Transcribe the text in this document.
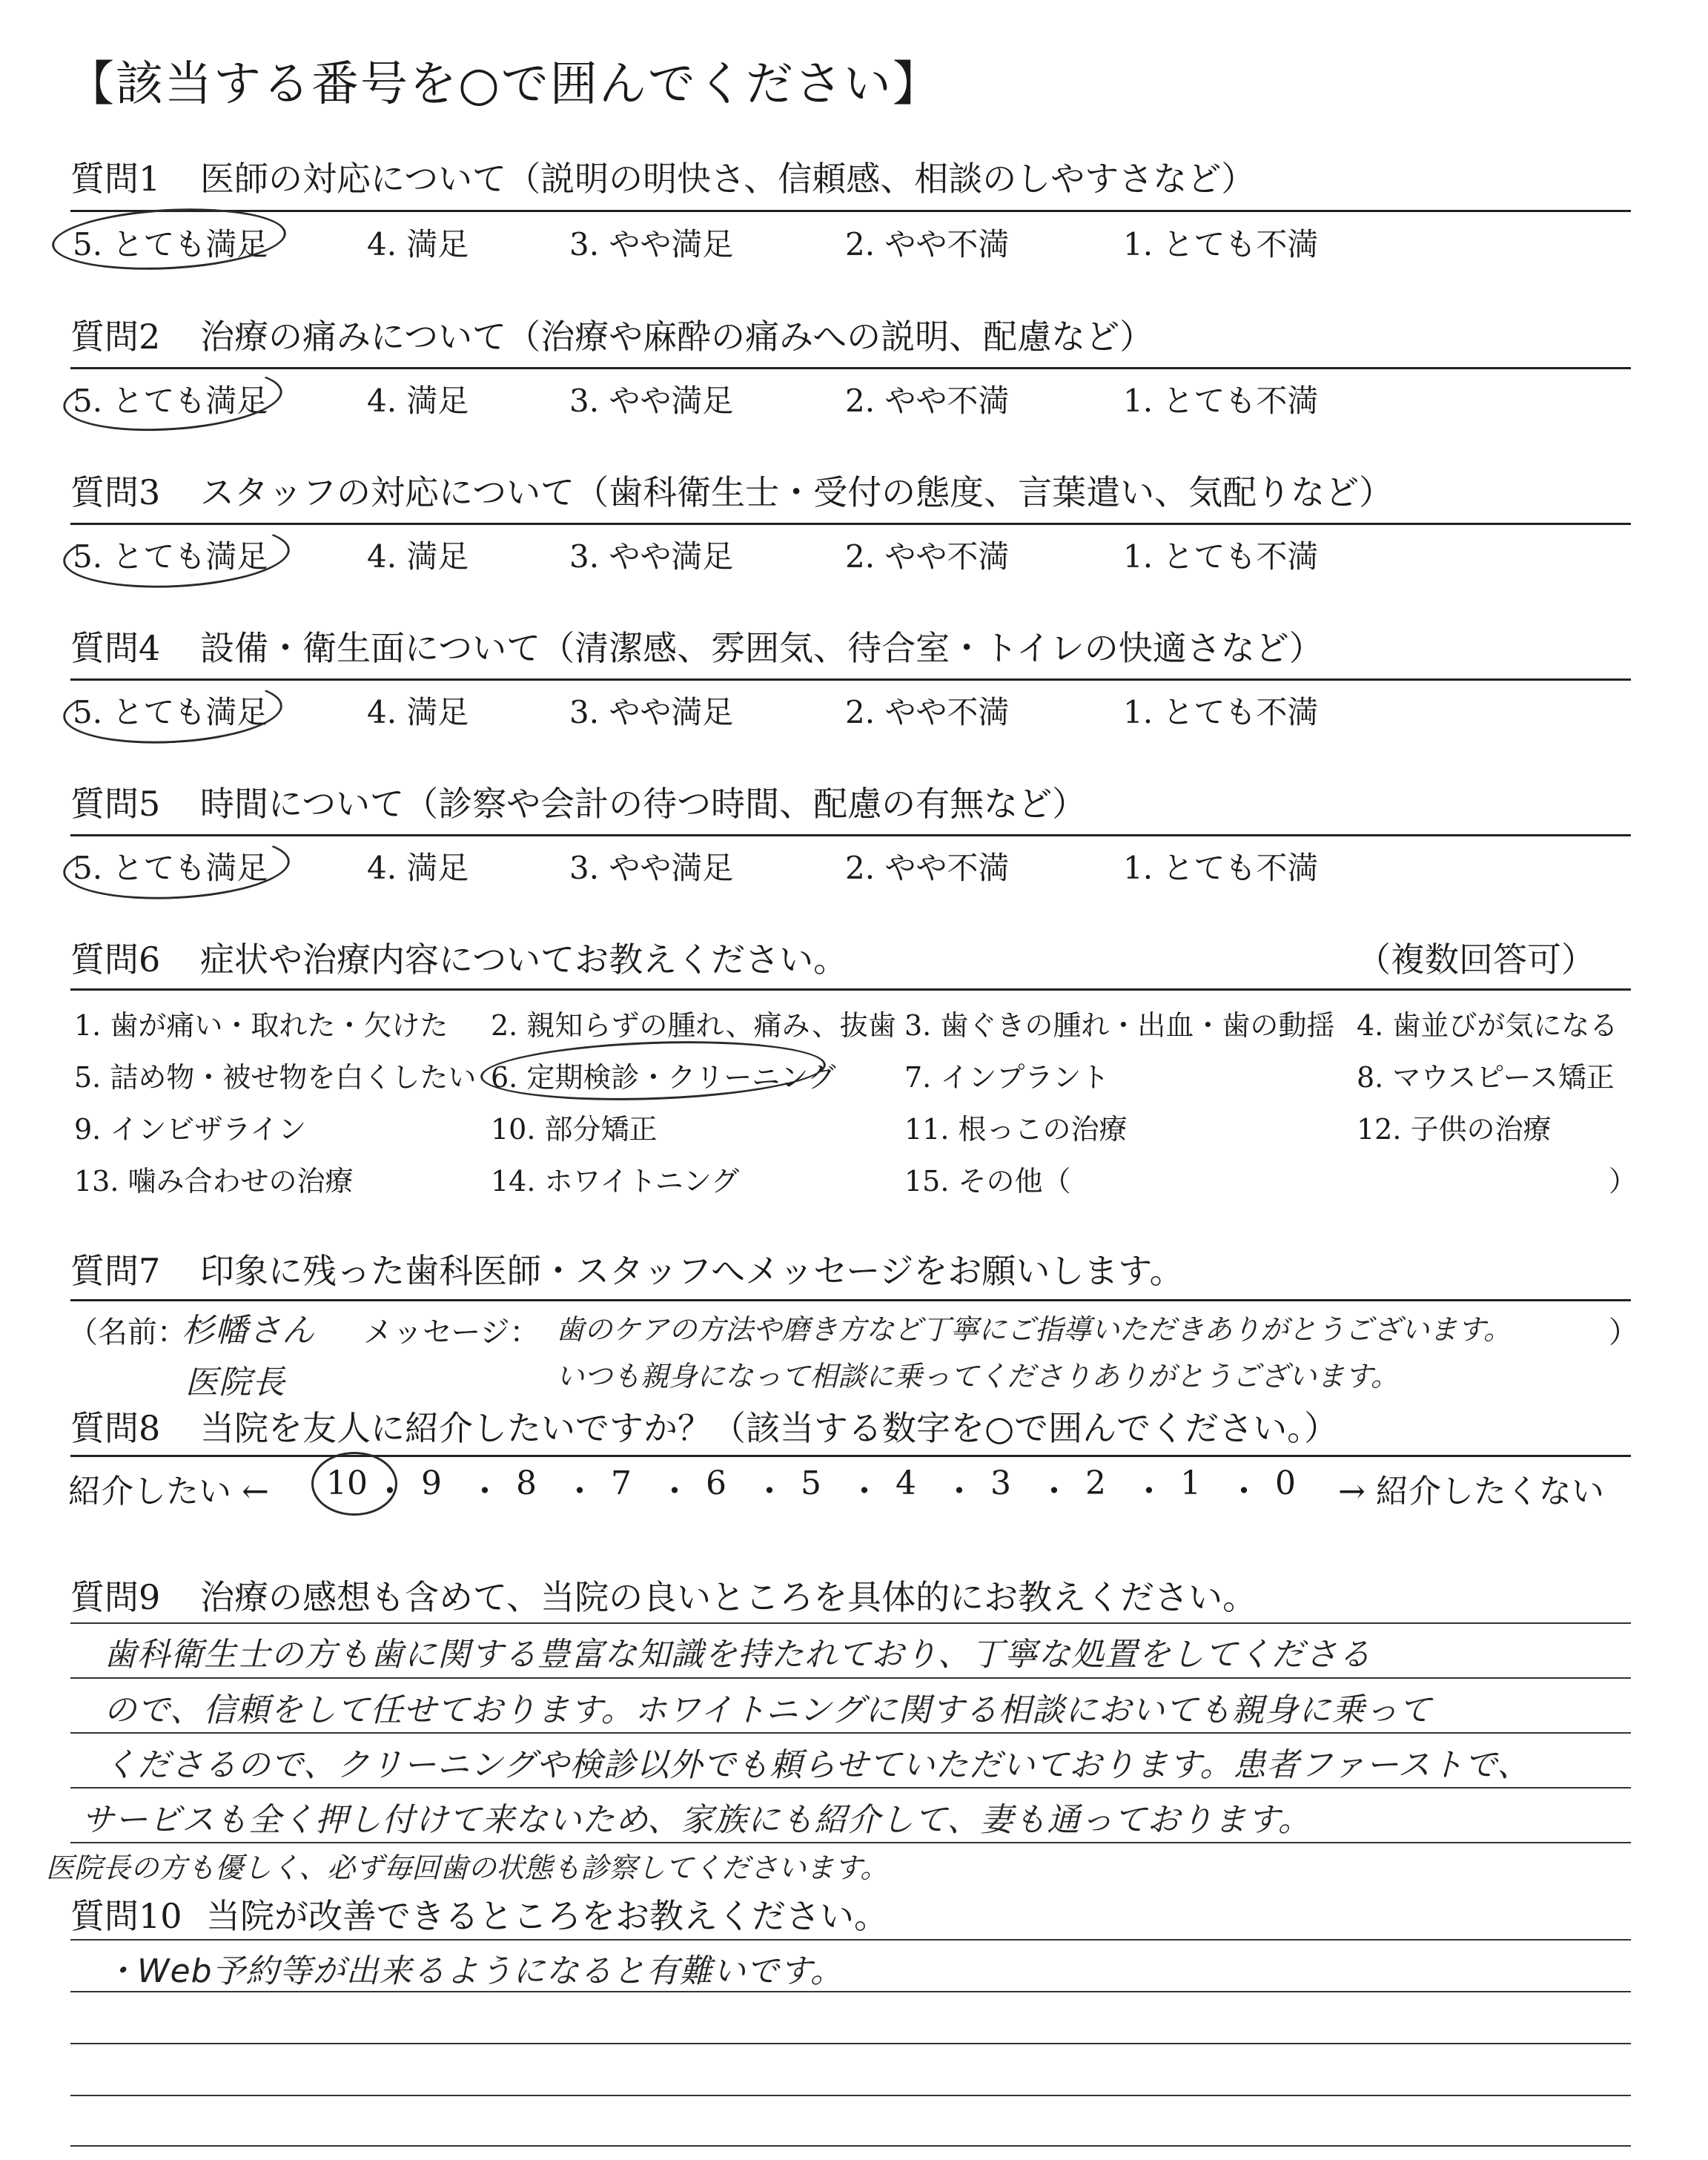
【該当する番号を○で囲んでください】
質問1 医師の対応について（説明の明快さ、信頼感、相談のしやすさなど）
5. とても満足	4. 満足	3. やや満足	2. やや不満	1. とても不満
質問2 治療の痛みについて（治療や麻酔の痛みへの説明、配慮など）
5. とても満足	4. 満足	3. やや満足	2. やや不満	1. とても不満
質問3 スタッフの対応について（歯科衛生士・受付の態度、言葉遣い、気配りなど）
5. とても満足	4. 満足	3. やや満足	2. やや不満	1. とても不満
質問4 設備・衛生面について（清潔感、雰囲気、待合室・トイレの快適さなど）
5. とても満足	4. 満足	3. やや満足	2. やや不満	1. とても不満
質問5 時間について（診察や会計の待つ時間、配慮の有無など）
5. とても満足	4. 満足	3. やや満足	2. やや不満	1. とても不満
質問6 症状や治療内容についてお教えください。	（複数回答可）
1. 歯が痛い・取れた・欠けた 2. 親知らずの腫れ、痛み、抜歯 3. 歯ぐきの腫れ・出血・歯の動揺 4. 歯並びが気になる
5. 詰め物・被せ物を白くしたい 6. 定期検診・クリーニング 7. インプラント	8. マウスピース矯正
9. インビザライン	10. 部分矯正	11. 根っこの治療	12. 子供の治療
13. 噛み合わせの治療	14. ホワイトニング	15. その他（	）
質問7 印象に残った歯科医師・スタッフへメッセージをお願いします。
（名前：
杉幡さん
医院長
メッセージ： 歯のケアの方法や磨き方など丁寧にご指導いただきありがとうございます。
いつも親身になって相談に乗ってくださりありがとうございます。
）
質問8 当院を友人に紹介したいですか？（該当する数字を○で囲んでください。）
紹介したい ← 10 ・ 9 ・ 8 ・ 7 ・ 6 ・ 5 ・ 4 ・ 3 ・ 2 ・ 1 ・ 0 → 紹介したくない
質問9 治療の感想も含めて、当院の良いところを具体的にお教えください。
歯科衛生士の方も歯に関する豊富な知識を持たれており、丁寧な処置をしてくださる
ので、信頼をして任せております。ホワイトニングに関する相談においても親身に乗って
くださるので、クリーニングや検診以外でも頼らせていただいております。患者ファーストで、
サービスも全く押し付けて来ないため、家族にも紹介して、妻も通っております。
医院長の方も優しく、必ず毎回歯の状態も診察してくださいます。
質問10 当院が改善できるところをお教えください。
・Web予約等が出来るようになると有難いです。
